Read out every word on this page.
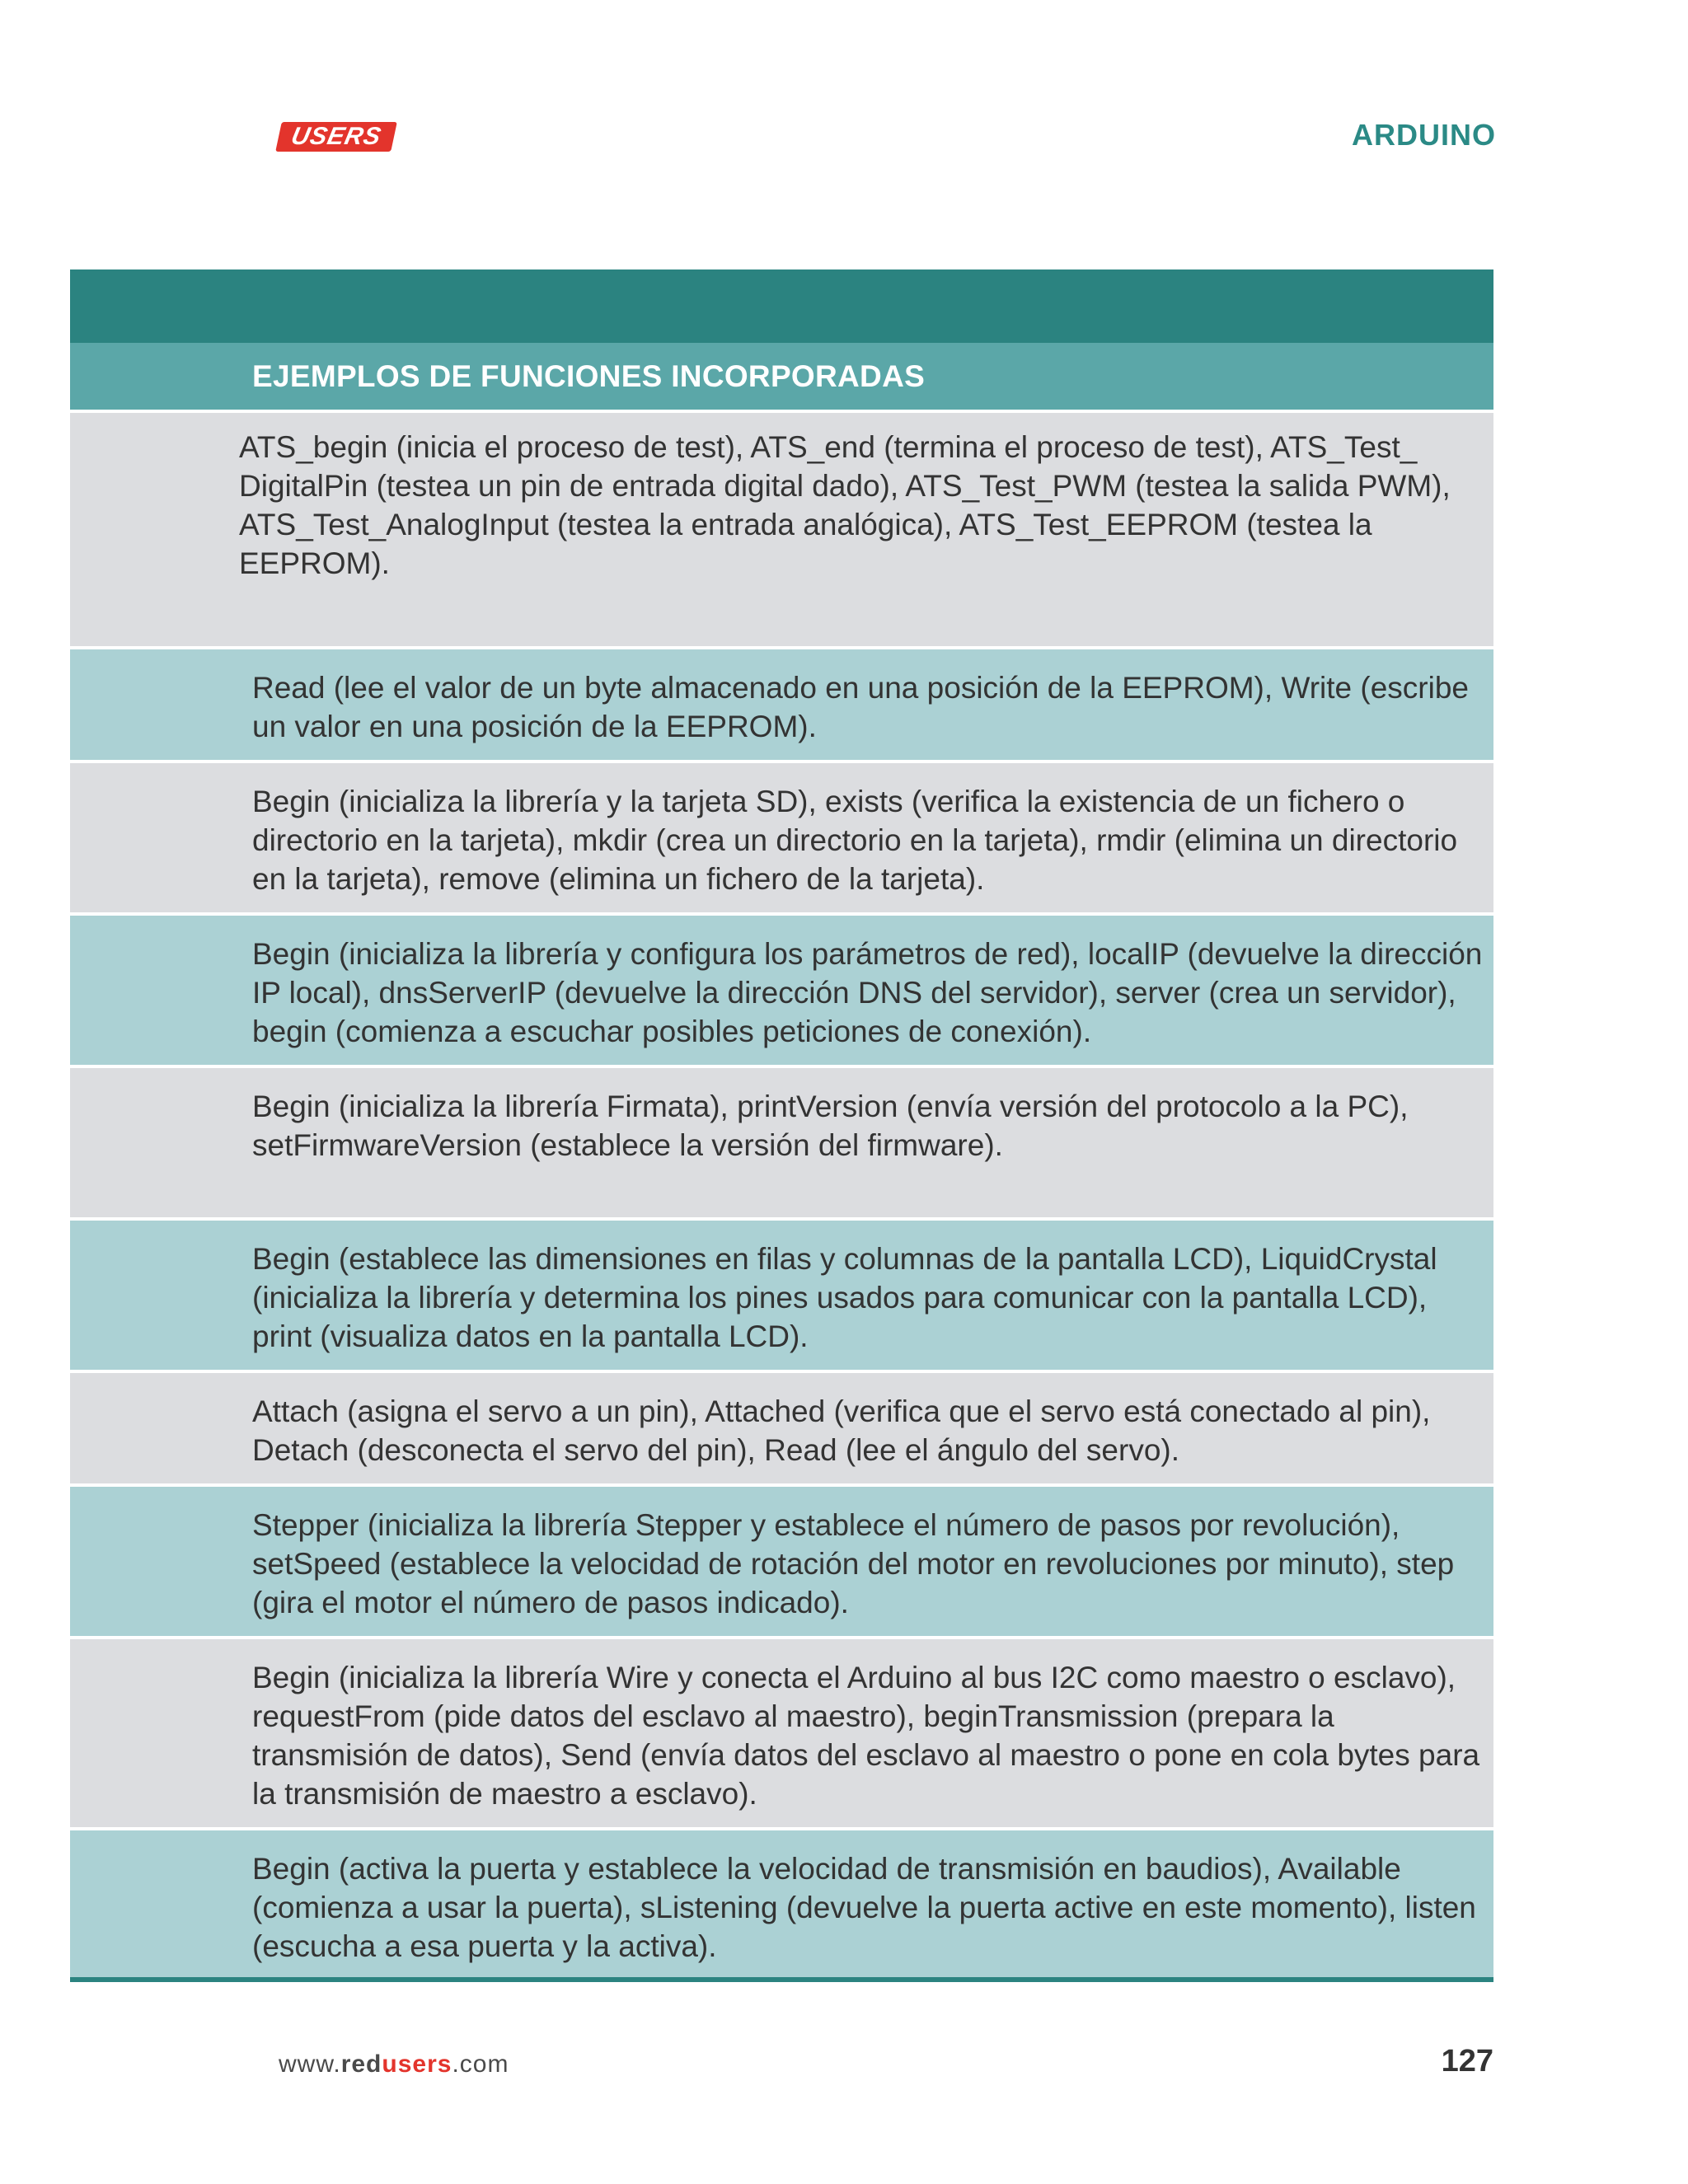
USERS	ARDUINO
EJEMPLOS DE FUNCIONES INCORPORADAS

ATS_begin (inicia el proceso de test), ATS_end (termina el proceso de test), ATS_Test_ DigitalPin (testea un pin de entrada digital dado), ATS_Test_PWM (testea la salida PWM), ATS_Test_AnalogInput (testea la entrada analógica), ATS_Test_EEPROM (testea la EEPROM).

Read (lee el valor de un byte almacenado en una posición de la EEPROM), Write (escribe un valor en una posición de la EEPROM).

Begin (inicializa la librería y la tarjeta SD), exists (verifica la existencia de un fichero o directorio en la tarjeta), mkdir (crea un directorio en la tarjeta), rmdir (elimina un directorio en la tarjeta), remove (elimina un fichero de la tarjeta).

Begin (inicializa la librería y configura los parámetros de red), localIP (devuelve la dirección IP local), dnsServerIP (devuelve la dirección DNS del servidor), server (crea un servidor), begin (comienza a escuchar posibles peticiones de conexión).

Begin (inicializa la librería Firmata), printVersion (envía versión del protocolo a la PC), setFirmwareVersion (establece la versión del firmware).

Begin (establece las dimensiones en filas y columnas de la pantalla LCD), LiquidCrystal (inicializa la librería y determina los pines usados para comunicar con la pantalla LCD), print (visualiza datos en la pantalla LCD).

Attach (asigna el servo a un pin), Attached (verifica que el servo está conectado al pin), Detach (desconecta el servo del pin), Read (lee el ángulo del servo).

Stepper (inicializa la librería Stepper y establece el número de pasos por revolución), setSpeed (establece la velocidad de rotación del motor en revoluciones por minuto), step (gira el motor el número de pasos indicado).

Begin (inicializa la librería Wire y conecta el Arduino al bus I2C como maestro o esclavo), requestFrom (pide datos del esclavo al maestro), beginTransmission (prepara la transmisión de datos), Send (envía datos del esclavo al maestro o pone en cola bytes para la transmisión de maestro a esclavo).

Begin (activa la puerta y establece la velocidad de transmisión en baudios), Available (comienza a usar la puerta), sListening (devuelve la puerta active en este momento), listen (escucha a esa puerta y la activa).

www.redusers.com	127
